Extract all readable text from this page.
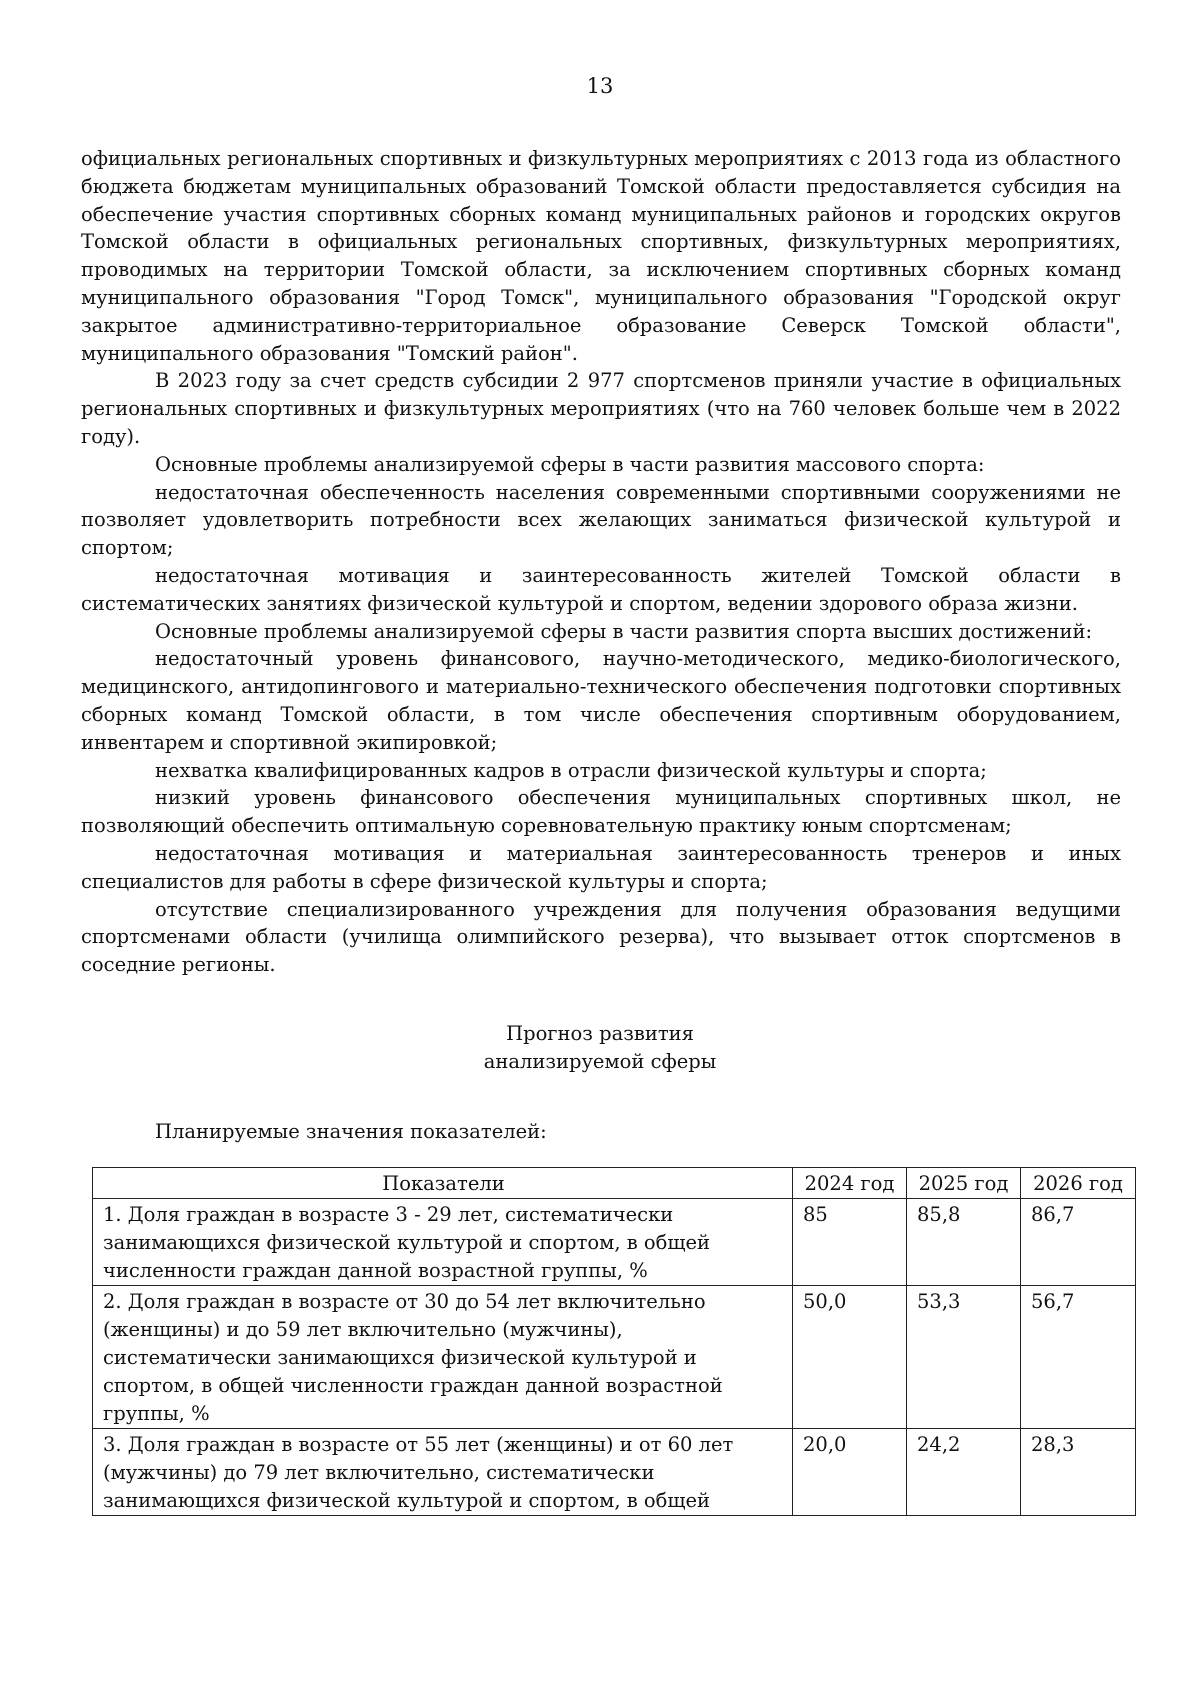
13

официальных региональных спортивных и физкультурных мероприятиях с 2013 года из областного бюджета бюджетам муниципальных образований Томской области предоставляется субсидия на обеспечение участия спортивных сборных команд муниципальных районов и городских округов Томской области в официальных региональных спортивных, физкультурных мероприятиях, проводимых на территории Томской области, за исключением спортивных сборных команд муниципального образования "Город Томск", муниципального образования "Городской округ закрытое административно-территориальное образование Северск Томской области", муниципального образования "Томский район".

В 2023 году за счет средств субсидии 2 977 спортсменов приняли участие в официальных региональных спортивных и физкультурных мероприятиях (что на 760 человек больше чем в 2022 году).

Основные проблемы анализируемой сферы в части развития массового спорта:

недостаточная обеспеченность населения современными спортивными сооружениями не позволяет удовлетворить потребности всех желающих заниматься физической культурой и спортом;

недостаточная мотивация и заинтересованность жителей Томской области в систематических занятиях физической культурой и спортом, ведении здорового образа жизни.

Основные проблемы анализируемой сферы в части развития спорта высших достижений:

недостаточный уровень финансового, научно-методического, медико-биологического, медицинского, антидопингового и материально-технического обеспечения подготовки спортивных сборных команд Томской области, в том числе обеспечения спортивным оборудованием, инвентарем и спортивной экипировкой;

нехватка квалифицированных кадров в отрасли физической культуры и спорта;

низкий уровень финансового обеспечения муниципальных спортивных школ, не позволяющий обеспечить оптимальную соревновательную практику юным спортсменам;

недостаточная мотивация и материальная заинтересованность тренеров и иных специалистов для работы в сфере физической культуры и спорта;

отсутствие специализированного учреждения для получения образования ведущими спортсменами области (училища олимпийского резерва), что вызывает отток спортсменов в соседние регионы.

Прогноз развития
анализируемой сферы
Планируемые значения показателей:
Показатели	2024 год	2025 год	2026 год
1. Доля граждан в возрасте 3 - 29 лет, систематически занимающихся физической культурой и спортом, в общей численности граждан данной возрастной группы, %	85	85,8	86,7
2. Доля граждан в возрасте от 30 до 54 лет включительно (женщины) и до 59 лет включительно (мужчины), систематически занимающихся физической культурой и спортом, в общей численности граждан данной возрастной группы, %	50,0	53,3	56,7
3. Доля граждан в возрасте от 55 лет (женщины) и от 60 лет (мужчины) до 79 лет включительно, систематически занимающихся физической культурой и спортом, в общей	20,0	24,2	28,3
